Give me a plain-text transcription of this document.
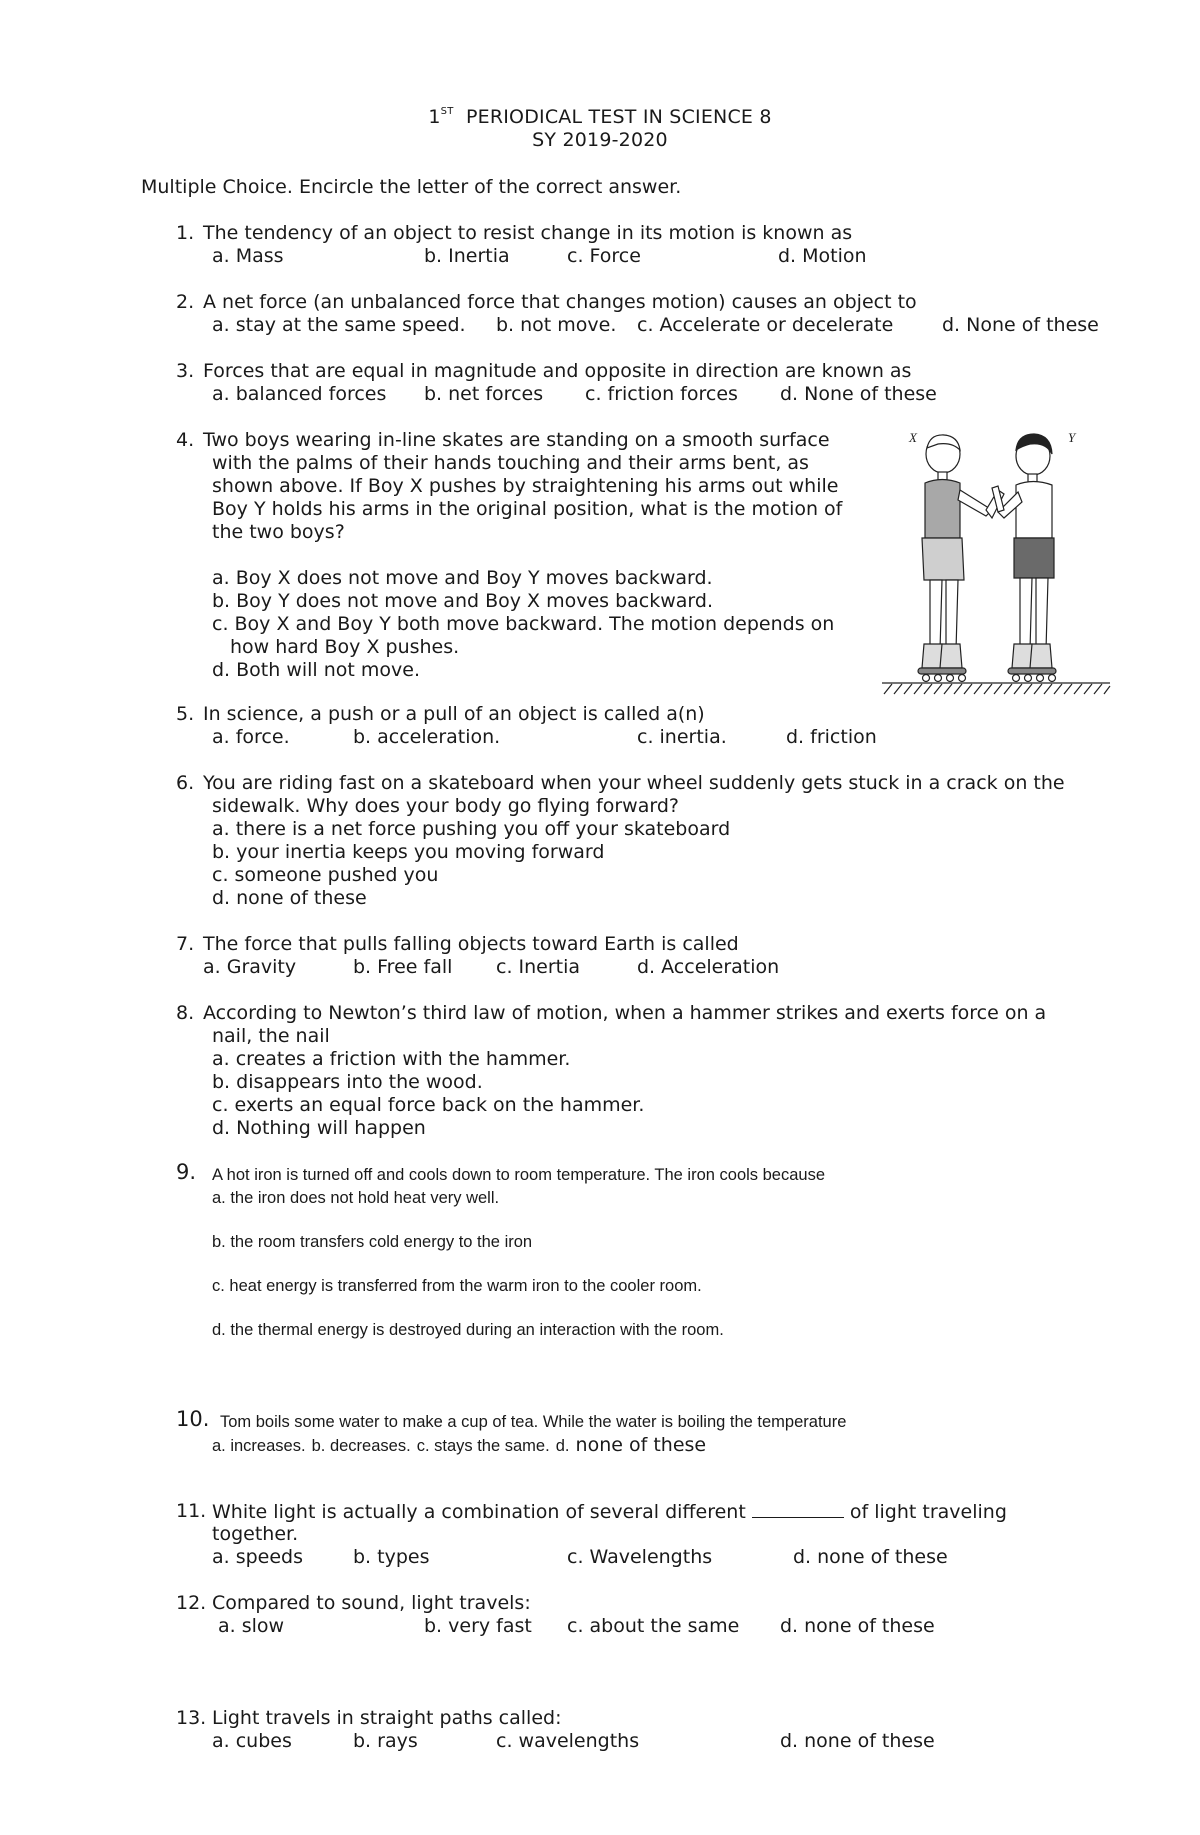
1ST PERIODICAL TEST IN SCIENCE 8
SY 2019-2020
Multiple Choice. Encircle the letter of the correct answer.
1. The tendency of an object to resist change in its motion is known as
a. Mass	b. Inertia	c. Force	d. Motion
2. A net force (an unbalanced force that changes motion) causes an object to
a. stay at the same speed. b. not move. c. Accelerate or decelerate	d. None of these
3. Forces that are equal in magnitude and opposite in direction are known as
a. balanced forces b. net forces c. friction forces d. None of these
4. Two boys wearing in-line skates are standing on a smooth surface
with the palms of their hands touching and their arms bent, as
shown above. If Boy X pushes by straightening his arms out while
Boy Y holds his arms in the original position, what is the motion of
the two boys?
a. Boy X does not move and Boy Y moves backward.
b. Boy Y does not move and Boy X moves backward.
c. Boy X and Boy Y both move backward. The motion depends on
how hard Boy X pushes.
d. Both will not move.
X	Y
5. In science, a push or a pull of an object is called a(n)
a. force.	b. acceleration.	c. inertia.	d. friction
6. You are riding fast on a skateboard when your wheel suddenly gets stuck in a crack on the
sidewalk. Why does your body go flying forward?
a. there is a net force pushing you off your skateboard
b. your inertia keeps you moving forward
c. someone pushed you
d. none of these
7. The force that pulls falling objects toward Earth is called
a. Gravity	b. Free fall c. Inertia	d. Acceleration
8. According to Newton’s third law of motion, when a hammer strikes and exerts force on a
nail, the nail
a. creates a friction with the hammer.
b. disappears into the wood.
c. exerts an equal force back on the hammer.
d. Nothing will happen
9. A hot iron is turned off and cools down to room temperature. The iron cools because
a. the iron does not hold heat very well.
b. the room transfers cold energy to the iron
c. heat energy is transferred from the warm iron to the cooler room.
d. the thermal energy is destroyed during an interaction with the room.
10. Tom boils some water to make a cup of tea. While the water is boiling the temperature
a. increases. b. decreases. c. stays the same. d. none of these
11. White light is actually a combination of several different	of light traveling
together.
a. speeds	b. types	c. Wavelengths	d. none of these
12. Compared to sound, light travels:
a. slow	b. very fast c. about the same d. none of these
13. Light travels in straight paths called:
a. cubes	b. rays	c. wavelengths	d. none of these
